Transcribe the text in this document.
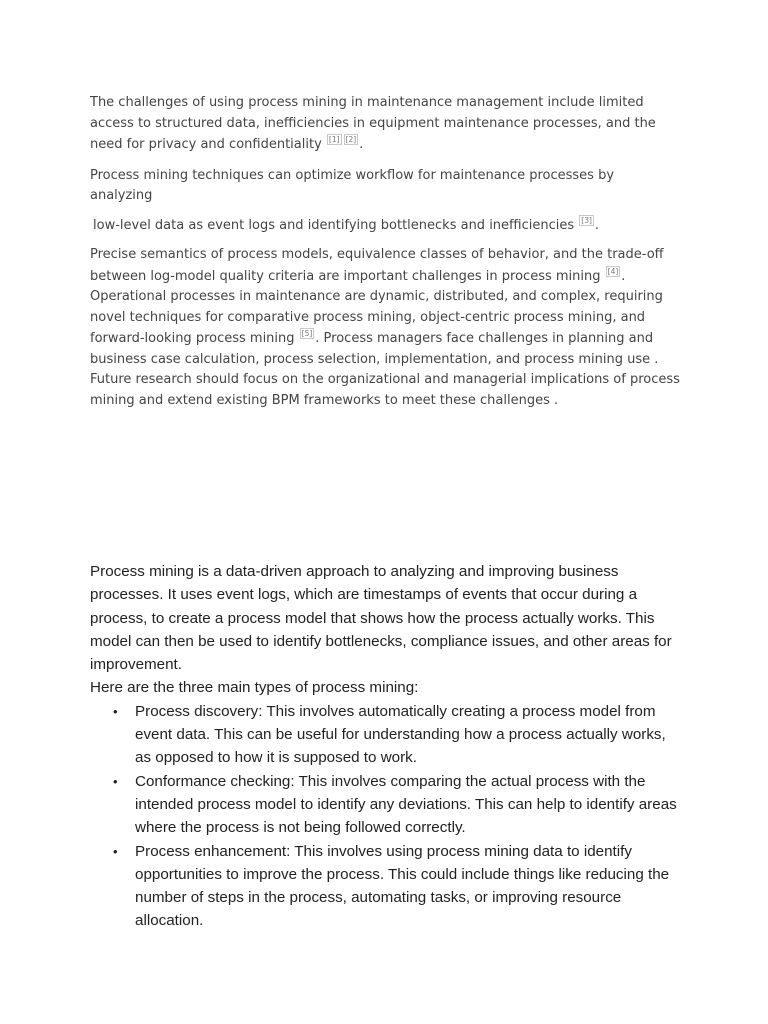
The challenges of using process mining in maintenance management include limited access to structured data, inefficiencies in equipment maintenance processes, and the need for privacy and confidentiality [1] [2] .

Process mining techniques can optimize workflow for maintenance processes by analyzing

low-level data as event logs and identifying bottlenecks and inefficiencies [3] .

Precise semantics of process models, equivalence classes of behavior, and the trade-off between log-model quality criteria are important challenges in process mining [4] . Operational processes in maintenance are dynamic, distributed, and complex, requiring novel techniques for comparative process mining, object-centric process mining, and forward-looking process mining [5] . Process managers face challenges in planning and business case calculation, process selection, implementation, and process mining use . Future research should focus on the organizational and managerial implications of process mining and extend existing BPM frameworks to meet these challenges .

Process mining is a data-driven approach to analyzing and improving business processes. It uses event logs, which are timestamps of events that occur during a process, to create a process model that shows how the process actually works. This model can then be used to identify bottlenecks, compliance issues, and other areas for improvement.

Here are the three main types of process mining:

• Process discovery: This involves automatically creating a process model from event data. This can be useful for understanding how a process actually works, as opposed to how it is supposed to work.
• Conformance checking: This involves comparing the actual process with the intended process model to identify any deviations. This can help to identify areas where the process is not being followed correctly.
• Process enhancement: This involves using process mining data to identify opportunities to improve the process. This could include things like reducing the number of steps in the process, automating tasks, or improving resource allocation.
